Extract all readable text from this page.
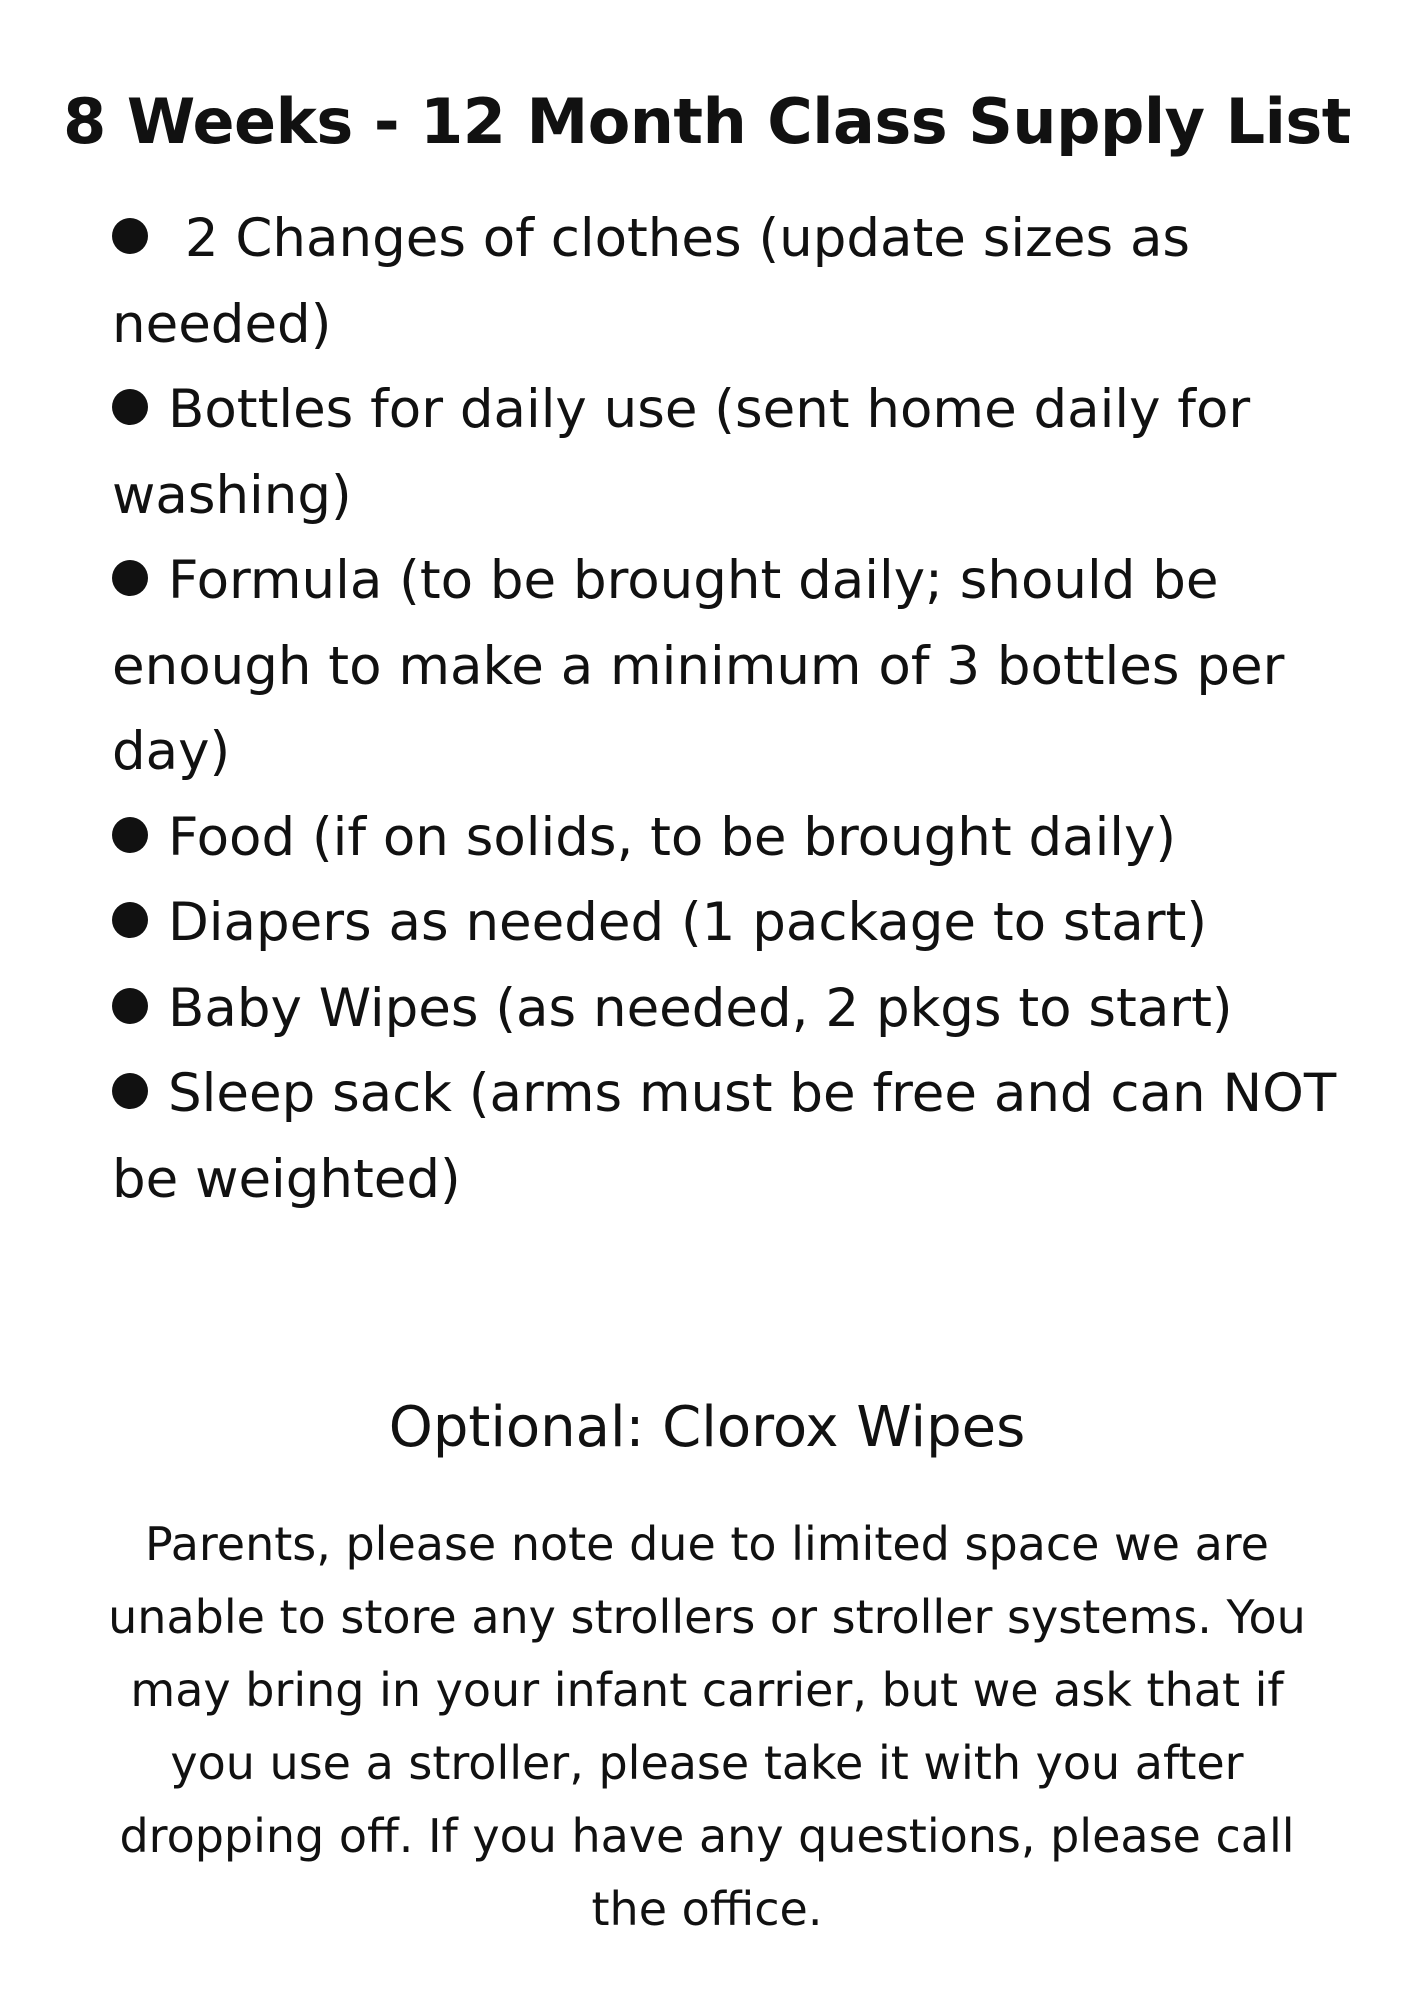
8 Weeks - 12 Month Class Supply List
2 Changes of clothes (update sizes as needed)
Bottles for daily use (sent home daily for washing)
Formula (to be brought daily; should be enough to make a minimum of 3 bottles per day)
Food (if on solids, to be brought daily)
Diapers as needed (1 package to start)
Baby Wipes (as needed, 2 pkgs to start)
Sleep sack (arms must be free and can NOT be weighted)

Optional: Clorox Wipes

Parents, please note due to limited space we are unable to store any strollers or stroller systems. You may bring in your infant carrier, but we ask that if you use a stroller, please take it with you after dropping off. If you have any questions, please call the office.
